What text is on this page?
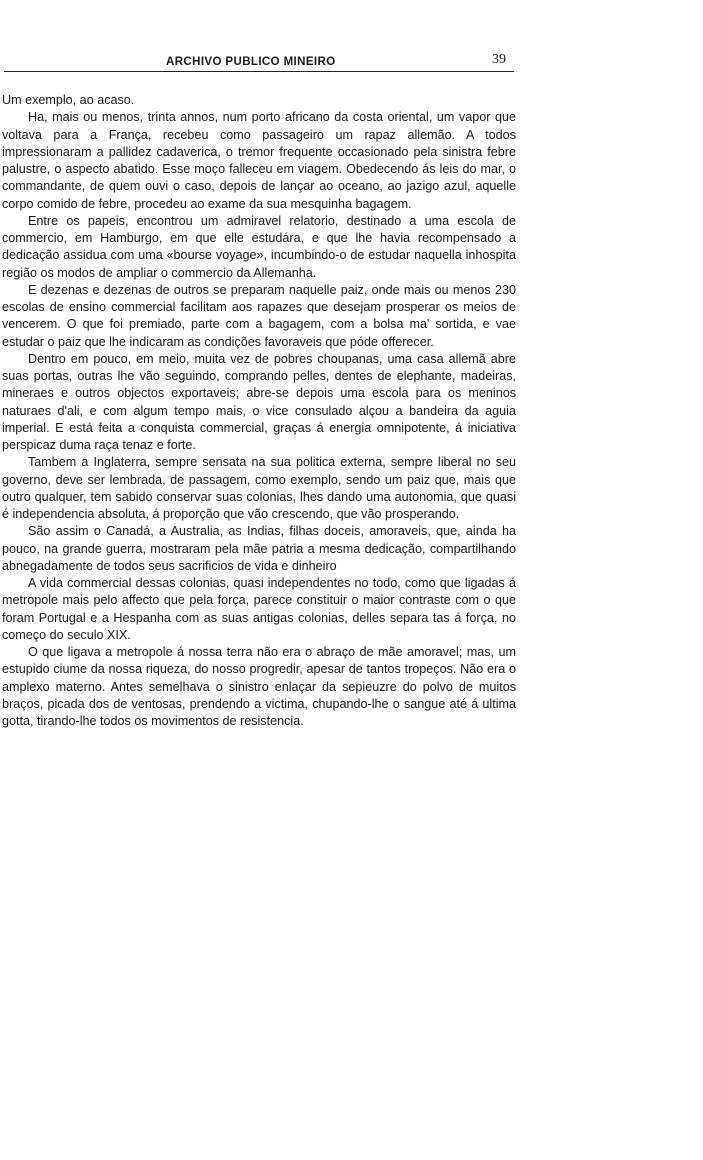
ARCHIVO PUBLICO MINEIRO	39

Um exemplo, ao acaso.

Ha, mais ou menos, trinta annos, num porto africano da costa oriental, um vapor que voltava para a França, recebeu como passageiro um rapaz allemão. A todos impressionaram a pallidez cadaverica, o tremor frequente occasionado pela sinistra febre palustre, o aspecto abatido. Esse moço falleceu em viagem. Obedecendo ás leis do mar, o commandante, de quem ouvi o caso, depois de lançar ao oceano, ao jazigo azul, aquelle corpo comido de febre, procedeu ao exame da sua mesquinha bagagem.

Entre os papeis, encontrou um admiravel relatorio, destinado a uma escola de commercio, em Hamburgo, em que elle estudára, e que lhe havia recompensado a dedicação assidua com uma «bourse voyage», incumbindo-o de estudar naquella inhospita região os modos de ampliar o commercio da Allemanha.

E dezenas e dezenas de outros se preparam naquelle paiz, onde mais ou menos 230 escolas de ensino commercial facilitam aos rapazes que desejam prosperar os meios de vencerem. O que foi premiado, parte com a bagagem, com a bolsa ma' sortida, e vae estudar o paiz que lhe indicaram as condições favoraveis que póde offerecer.

Dentro em pouco, em meio, muita vez de pobres choupanas, uma casa allemã abre suas portas, outras lhe vão seguindo, comprando pelles, dentes de elephante, madeiras, mineraes e outros objectos exportaveis; abre-se depois uma escola para os meninos naturaes d'ali, e com algum tempo mais, o vice consulado alçou a bandeira da aguia imperial. E está feita a conquista commercial, graças á energia omnipotente, á iniciativa perspicaz duma raça tenaz e forte.

Tambem a Inglaterra, sempre sensata na sua politica externa, sempre liberal no seu governo, deve ser lembrada, de passagem, como exemplo, sendo um paiz que, mais que outro qualquer, tem sabido conservar suas colonias, lhes dando uma autonomia, que quasi é independencia absoluta, á proporção que vão crescendo, que vão prosperando.

São assim o Canadá, a Australia, as Indias, filhas doceis, amoraveis, que, ainda ha pouco, na grande guerra, mostraram pela mãe patria a mesma dedicação, compartilhando abnegadamente de todos seus sacrificios de vida e dinheiro

A vida commercial dessas colonias, quasi independentes no todo, como que ligadas á metropole mais pelo affecto que pela força, parece constituir o maior contraste com o que foram Portugal e a Hespanha com as suas antigas colonias, delles separa tas á força, no começo do seculo XIX.

O que ligava a metropole á nossa terra não era o abraço de mãe amoravel; mas, um estupido ciume da nossa riqueza, do nosso progredir, apesar de tantos tropeços. Não era o amplexo materno. Antes semelhava o sinistro enlaçar da sepieuzre do polvo de muitos braços, picada dos de ventosas, prendendo a victima, chupando-lhe o sangue até á ultima gotta, tirando-lhe todos os movimentos de resistencia.
